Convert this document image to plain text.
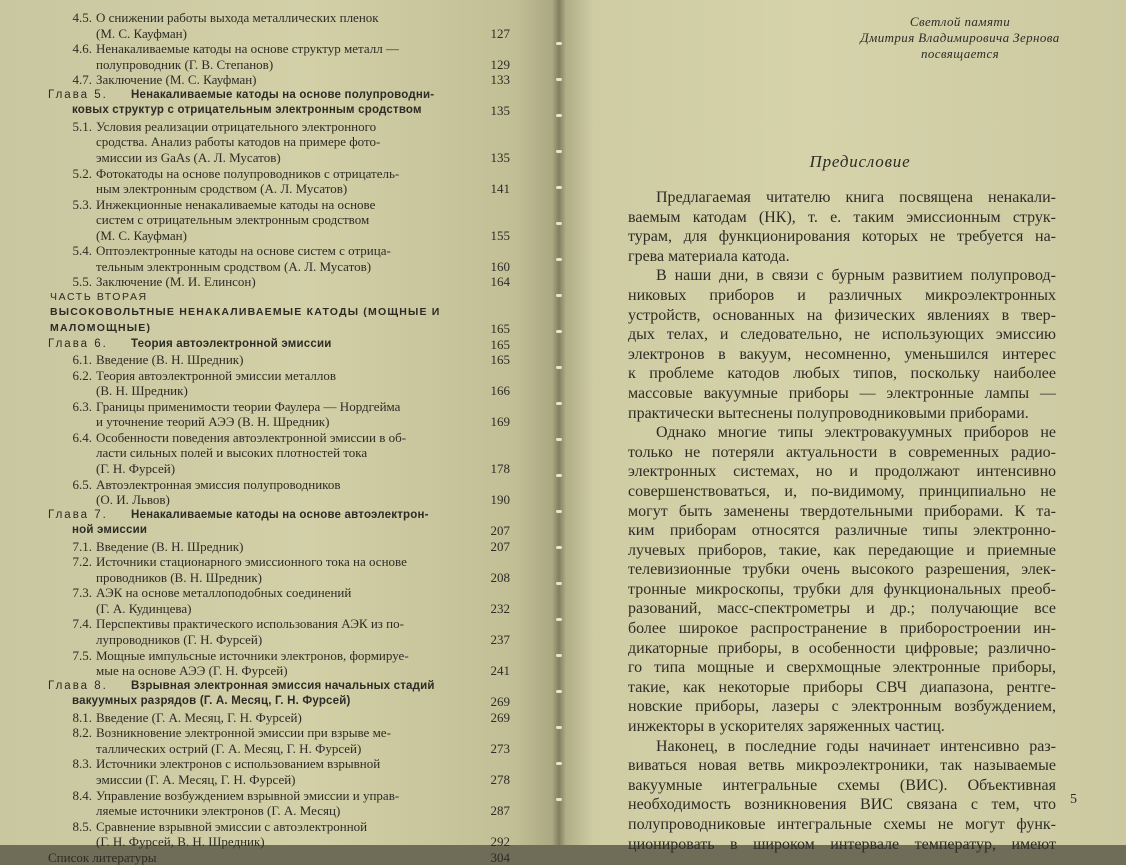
4.5. О снижении работы выхода металлических пленок
(М. С. Кауфман)	127
4.6. Ненакаливаемые катоды на основе структур металл —
полупроводник (Г. В. Степанов)	129
4.7. Заключение (М. С. Кауфман)	133
Глава 5. Ненакаливаемые катоды на основе полупроводни-
ковых структур с отрицательным электронным сродством	135
5.1. Условия реализации отрицательного электронного
сродства. Анализ работы катодов на примере фото-
эмиссии из GaAs (А. Л. Мусатов)	135
5.2. Фотокатоды на основе полупроводников с отрицатель-
ным электронным сродством (А. Л. Мусатов)	141
5.3. Инжекционные ненакаливаемые катоды на основе
систем с отрицательным электронным сродством
(М. С. Кауфман)	155
5.4. Оптоэлектронные катоды на основе систем с отрица-
тельным электронным сродством (А. Л. Мусатов)	160
5.5. Заключение (М. И. Елинсон)	164
ЧАСТЬ ВТОРАЯ
ВЫСОКОВОЛЬТНЫЕ НЕНАКАЛИВАЕМЫЕ КАТОДЫ (МОЩНЫЕ И
МАЛОМОЩНЫЕ)	165
Глава 6. Теория автоэлектронной эмиссии	165
6.1. Введение (В. Н. Шредник)	165
6.2. Теория автоэлектронной эмиссии металлов
(В. Н. Шредник)	166
6.3. Границы применимости теории Фаулера — Нордгейма
и уточнение теорий АЭЭ (В. Н. Шредник)	169
6.4. Особенности поведения автоэлектронной эмиссии в об-
ласти сильных полей и высоких плотностей тока
(Г. Н. Фурсей)	178
6.5. Автоэлектронная эмиссия полупроводников
(О. И. Львов)	190
Глава 7. Ненакаливаемые катоды на основе автоэлектрон-
ной эмиссии	207
7.1. Введение (В. Н. Шредник)	207
7.2. Источники стационарного эмиссионного тока на основе
проводников (В. Н. Шредник)	208
7.3. АЭК на основе металлоподобных соединений
(Г. А. Кудинцева)	232
7.4. Перспективы практического использования АЭК из по-
лупроводников (Г. Н. Фурсей)	237
7.5. Мощные импульсные источники электронов, формируе-
мые на основе АЭЭ (Г. Н. Фурсей)	241
Глава 8. Взрывная электронная эмиссия начальных стадий
вакуумных разрядов (Г. А. Месяц, Г. Н. Фурсей)	269
8.1. Введение (Г. А. Месяц, Г. Н. Фурсей)	269
8.2. Возникновение электронной эмиссии при взрыве ме-
таллических острий (Г. А. Месяц, Г. Н. Фурсей)	273
8.3. Источники электронов с использованием взрывной
эмиссии (Г. А. Месяц, Г. Н. Фурсей)	278
8.4. Управление возбуждением взрывной эмиссии и управ-
ляемые источники электронов (Г. А. Месяц)	287
8.5. Сравнение взрывной эмиссии с автоэлектронной
(Г. Н. Фурсей, В. Н. Шредник)	292
Список литературы	304
Светлой памяти
Дмитрия Владимировича Зернова
посвящается
Предисловие
Предлагаемая читателю книга посвящена ненакали-
ваемым катодам (НК), т. е. таким эмиссионным струк-
турам, для функционирования которых не требуется на-
грева материала катода.
В наши дни, в связи с бурным развитием полупровод-
никовых приборов и различных микроэлектронных
устройств, основанных на физических явлениях в твер-
дых телах, и следовательно, не использующих эмиссию
электронов в вакуум, несомненно, уменьшился интерес
к проблеме катодов любых типов, поскольку наиболее
массовые вакуумные приборы — электронные лампы —
практически вытеснены полупроводниковыми приборами.
Однако многие типы электровакуумных приборов не
только не потеряли актуальности в современных радио-
электронных системах, но и продолжают интенсивно
совершенствоваться, и, по-видимому, принципиально не
могут быть заменены твердотельными приборами. К та-
ким приборам относятся различные типы электронно-
лучевых приборов, такие, как передающие и приемные
телевизионные трубки очень высокого разрешения, элек-
тронные микроскопы, трубки для функциональных преоб-
разований, масс-спектрометры и др.; получающие все
более широкое распространение в приборостроении ин-
дикаторные приборы, в особенности цифровые; различно-
го типа мощные и сверхмощные электронные приборы,
такие, как некоторые приборы СВЧ диапазона, рентге-
новские приборы, лазеры с электронным возбуждением,
инжекторы в ускорителях заряженных частиц.
Наконец, в последние годы начинает интенсивно раз-
виваться новая ветвь микроэлектроники, так называемые
вакуумные интегральные схемы (ВИС). Объективная
необходимость возникновения ВИС связана с тем, что
полупроводниковые интегральные схемы не могут функ-
ционировать в широком интервале температур, имеют
5
